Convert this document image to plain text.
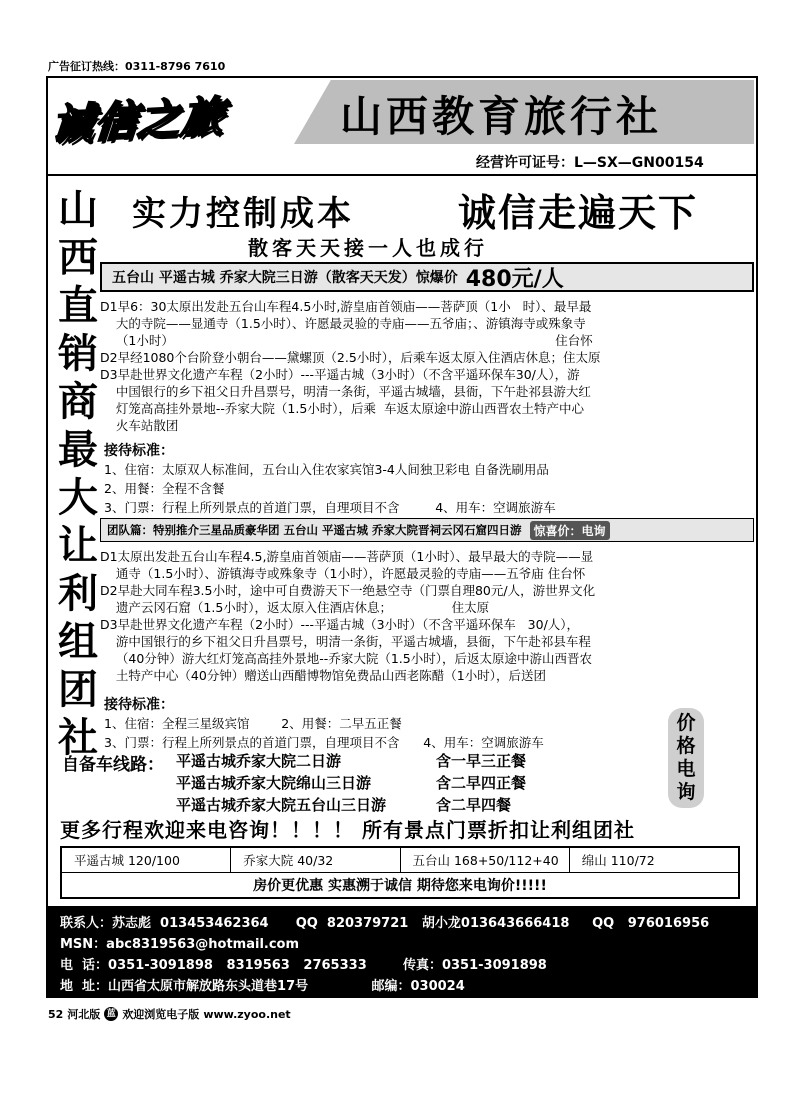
广告征订热线：0311-8796 7610
诚信之旅	山西教育旅行社
经营许可证号：L—SX—GN00154
山
西
直
销
商
最
大
让
利
组
团
社
实力控制成本	诚信走遍天下
散客天天接一人也成行
五台山 平遥古城 乔家大院三日游（散客天天发）惊爆价 480元/人
D1早6：30太原出发赴五台山车程4.5小时,游皇庙首领庙——菩萨顶（1小   时）、最早最
大的寺院——显通寺（1.5小时）、许愿最灵验的寺庙——五爷庙；、游镇海寺或殊象寺
（1小时）                                                                                                住台怀
D2早经1080个台阶登小朝台——黛螺顶（2.5小时），后乘车返太原入住酒店休息；住太原
D3早赴世界文化遗产车程（2小时）---平遥古城（3小时）（不含平遥环保车30/人），游
中国银行的乡下祖父日升昌票号，明清一条街，平遥古城墙，县衙，下午赴祁县游大红
灯笼高高挂外景地--乔家大院（1.5小时），后乘  车返太原途中游山西晋农土特产中心
火车站散团
接待标准：
1、住宿：太原双人标准间，五台山入住农家宾馆3-4人间独卫彩电 自备洗刷用品
2、用餐：全程不含餐
3、门票：行程上所列景点的首道门票，自理项目不含         4、用车：空调旅游车
团队篇：特别推介三星品质豪华团 五台山 平遥古城 乔家大院晋祠云冈石窟四日游	惊喜价：电询
D1太原出发赴五台山车程4.5,游皇庙首领庙——菩萨顶（1小时）、最早最大的寺院——显
通寺（1.5小时）、游镇海寺或殊象寺（1小时），许愿最灵验的寺庙——五爷庙 住台怀
D2早赴大同车程3.5小时，途中可自费游天下一绝悬空寺（门票自理80元/人，游世界文化
遗产云冈石窟（1.5小时），返太原入住酒店休息；               住太原
D3早赴世界文化遗产车程（2小时）---平遥古城（3小时）（不含平遥环保车   30/人），
游中国银行的乡下祖父日升昌票号，明清一条街，平遥古城墙，县衙，下午赴祁县车程
（40分钟）游大红灯笼高高挂外景地--乔家大院（1.5小时），后返太原途中游山西晋农
土特产中心（40分钟）赠送山西醋博物馆免费品山西老陈醋（1小时），后送团
接待标准：
1、住宿：全程三星级宾馆        2、用餐：二早五正餐
3、门票：行程上所列景点的首道门票，自理项目不含      4、用车：空调旅游车
价
格
电
询
自备车线路： 平遥古城乔家大院二日游	含一早三正餐
平遥古城乔家大院绵山三日游	含二早四正餐
平遥古城乔家大院五台山三日游	含二早四餐
更多行程欢迎来电咨询！！！！ 所有景点门票折扣让利组团社
平遥古城 120/100	乔家大院 40/32	五台山 168+50/112+40	绵山 110/72
房价更优惠 实惠溯于诚信 期待您来电询价!!!!!
联系人：苏志彪  013453462364      QQ  820379721   胡小龙013643666418     QQ   976016956
MSN：abc8319563@hotmail.com
电  话：0351-3091898   8319563   2765333        传真：0351-3091898
地  址：山西省太原市解放路东头道巷17号              邮编：030024
52 河北版 蓝 欢迎浏览电子版 www.zyoo.net
